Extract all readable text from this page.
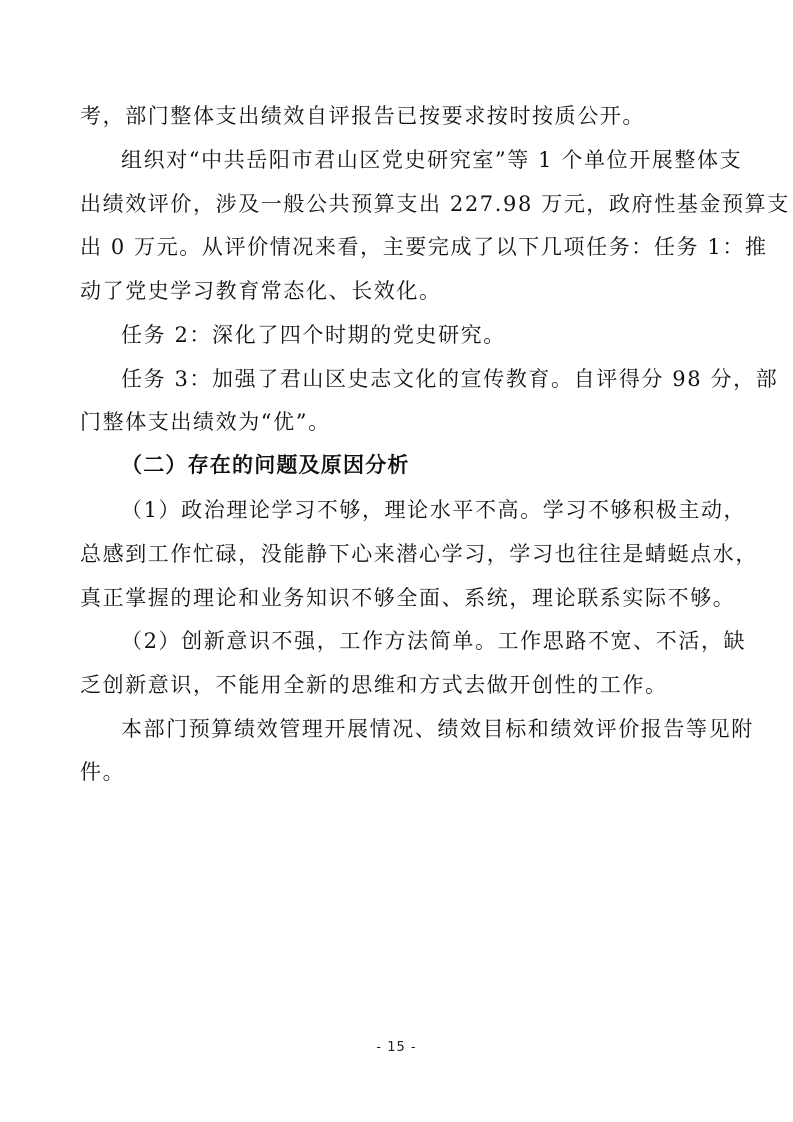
考，部门整体支出绩效自评报告已按要求按时按质公开。
组织对“中共岳阳市君山区党史研究室”等 1 个单位开展整体支
出绩效评价，涉及一般公共预算支出 227.98 万元，政府性基金预算支
出 0 万元。从评价情况来看，主要完成了以下几项任务：任务 1：推
动了党史学习教育常态化、长效化。
任务 2：深化了四个时期的党史研究。
任务 3：加强了君山区史志文化的宣传教育。自评得分 98 分，部
门整体支出绩效为“优”。
（二）存在的问题及原因分析
（1）政治理论学习不够，理论水平不高。学习不够积极主动，
总感到工作忙碌，没能静下心来潜心学习，学习也往往是蜻蜓点水，
真正掌握的理论和业务知识不够全面、系统，理论联系实际不够。
（2）创新意识不强，工作方法简单。工作思路不宽、不活，缺
乏创新意识，不能用全新的思维和方式去做开创性的工作。
本部门预算绩效管理开展情况、绩效目标和绩效评价报告等见附
件。
- 15 -
